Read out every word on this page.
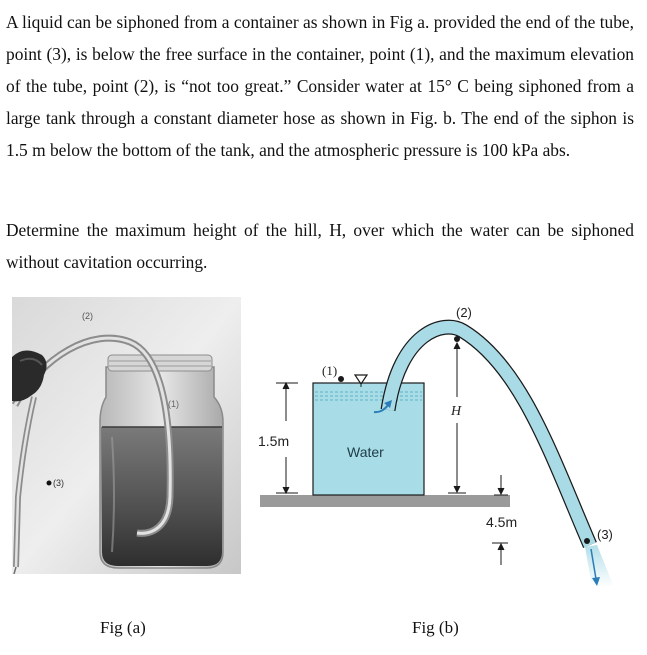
A liquid can be siphoned from a container as shown in Fig a. provided the end of the tube, point (3), is below the free surface in the container, point (1), and the maximum elevation of the tube, point (2), is “not too great.” Consider water at 15° C being siphoned from a large tank through a constant diameter hose as shown in Fig. b. The end of the siphon is 1.5 m below the bottom of the tank, and the atmospheric pressure is 100 kPa abs.

Determine the maximum height of the hill, H, over which the water can be siphoned without cavitation occurring.

(2)
(1)
(3)
Fig (a)
(1)
(2)
(3)
Water
H
1.5m
4.5m
Fig (b)
